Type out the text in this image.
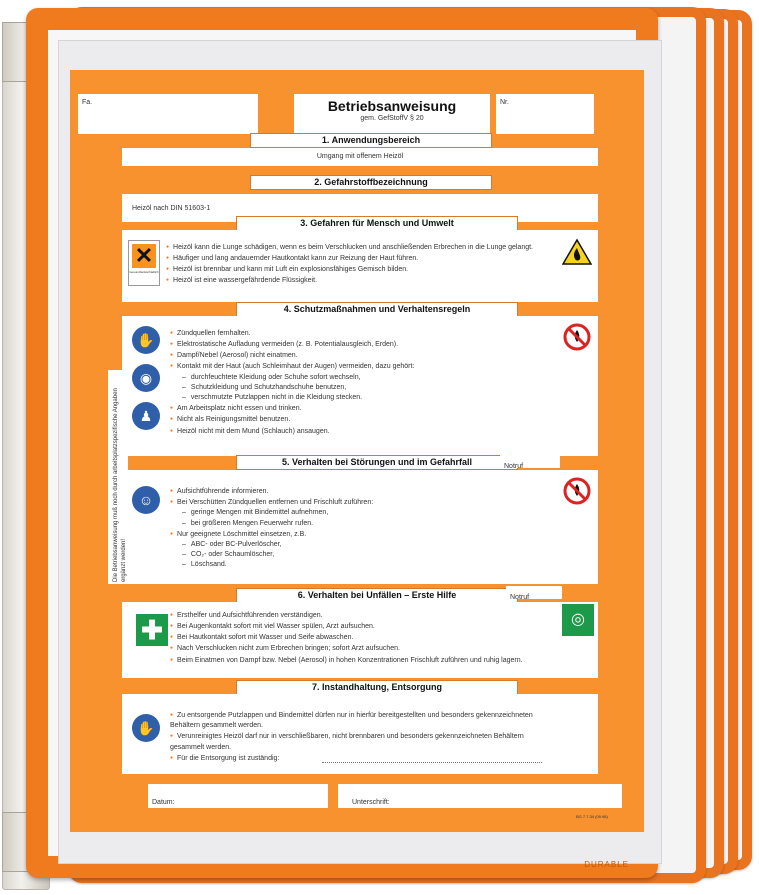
DURABLE
Fa.	Betriebsanweisung
gem. GefStoffV § 20
Nr.
1. Anwendungsbereich
Umgang mit offenem Heizöl
2. Gefahrstoffbezeichnung
Heizöl nach DIN 51603-1
3. Gefahren für Mensch und Umwelt
✕
Gesundheitsschädlich
● Heizöl kann die Lunge schädigen, wenn es beim Verschlucken und anschließenden Erbrechen in die Lunge gelangt.
● Häufiger und lang andauernder Hautkontakt kann zur Reizung der Haut führen.
● Heizöl ist brennbar und kann mit Luft ein explosionsfähiges Gemisch bilden.
● Heizöl ist eine wassergefährdende Flüssigkeit.
4. Schutzmaßnahmen und Verhaltensregeln
✋
◉
♟
● Zündquellen fernhalten.
● Elektrostatische Aufladung vermeiden (z. B. Potentialausgleich, Erden).
● Dampf/Nebel (Aerosol) nicht einatmen.
● Kontakt mit der Haut (auch Schleimhaut der Augen) vermeiden, dazu gehört:
– durchfeuchtete Kleidung oder Schuhe sofort wechseln,
– Schutzkleidung und Schutzhandschuhe benutzen,
– verschmutzte Putzlappen nicht in die Kleidung stecken.
● Am Arbeitsplatz nicht essen und trinken.
● Nicht als Reinigungsmittel benutzen.
● Heizöl nicht mit dem Mund (Schlauch) ansaugen.
5. Verhalten bei Störungen und im Gefahrfall	Notruf
☺
● Aufsichtführende informieren.
● Bei Verschütten Zündquellen entfernen und Frischluft zuführen:
– geringe Mengen mit Bindemittel aufnehmen,
– bei größeren Mengen Feuerwehr rufen.
● Nur geeignete Löschmittel einsetzen, z.B.
– ABC- oder BC-Pulverlöscher,
– CO₂- oder Schaumlöscher,
– Löschsand.
6. Verhalten bei Unfällen – Erste Hilfe	Notruf
✚
●	Ersthelfer und Aufsichtführenden verständigen.
● Bei Augenkontakt sofort mit viel Wasser spülen, Arzt aufsuchen.
● Bei Hautkontakt sofort mit Wasser und Seife abwaschen.
● Nach Verschlucken nicht zum Erbrechen bringen; sofort Arzt aufsuchen.
● Beim Einatmen von Dampf bzw. Nebel (Aerosol) in hohen Konzentrationen Frischluft zuführen und ruhig lagern.
◎
7. Instandhaltung, Entsorgung
✋
● Zu entsorgende Putzlappen und Bindemittel dürfen nur in hierfür bereitgestellten und besonders gekennzeichneten Behältern gesammelt werden.
● Verunreinigtes Heizöl darf nur in verschließbaren, nicht brennbaren und besonders gekennzeichneten Behältern gesammelt werden.
● Für die Entsorgung ist zuständig:
Datum:	Unterschrift:
BG 7.7.34 (09.98)
Die Betriebsanweisung muß noch durch arbeitsplatzspezifische Angaben ergänzt werden!
